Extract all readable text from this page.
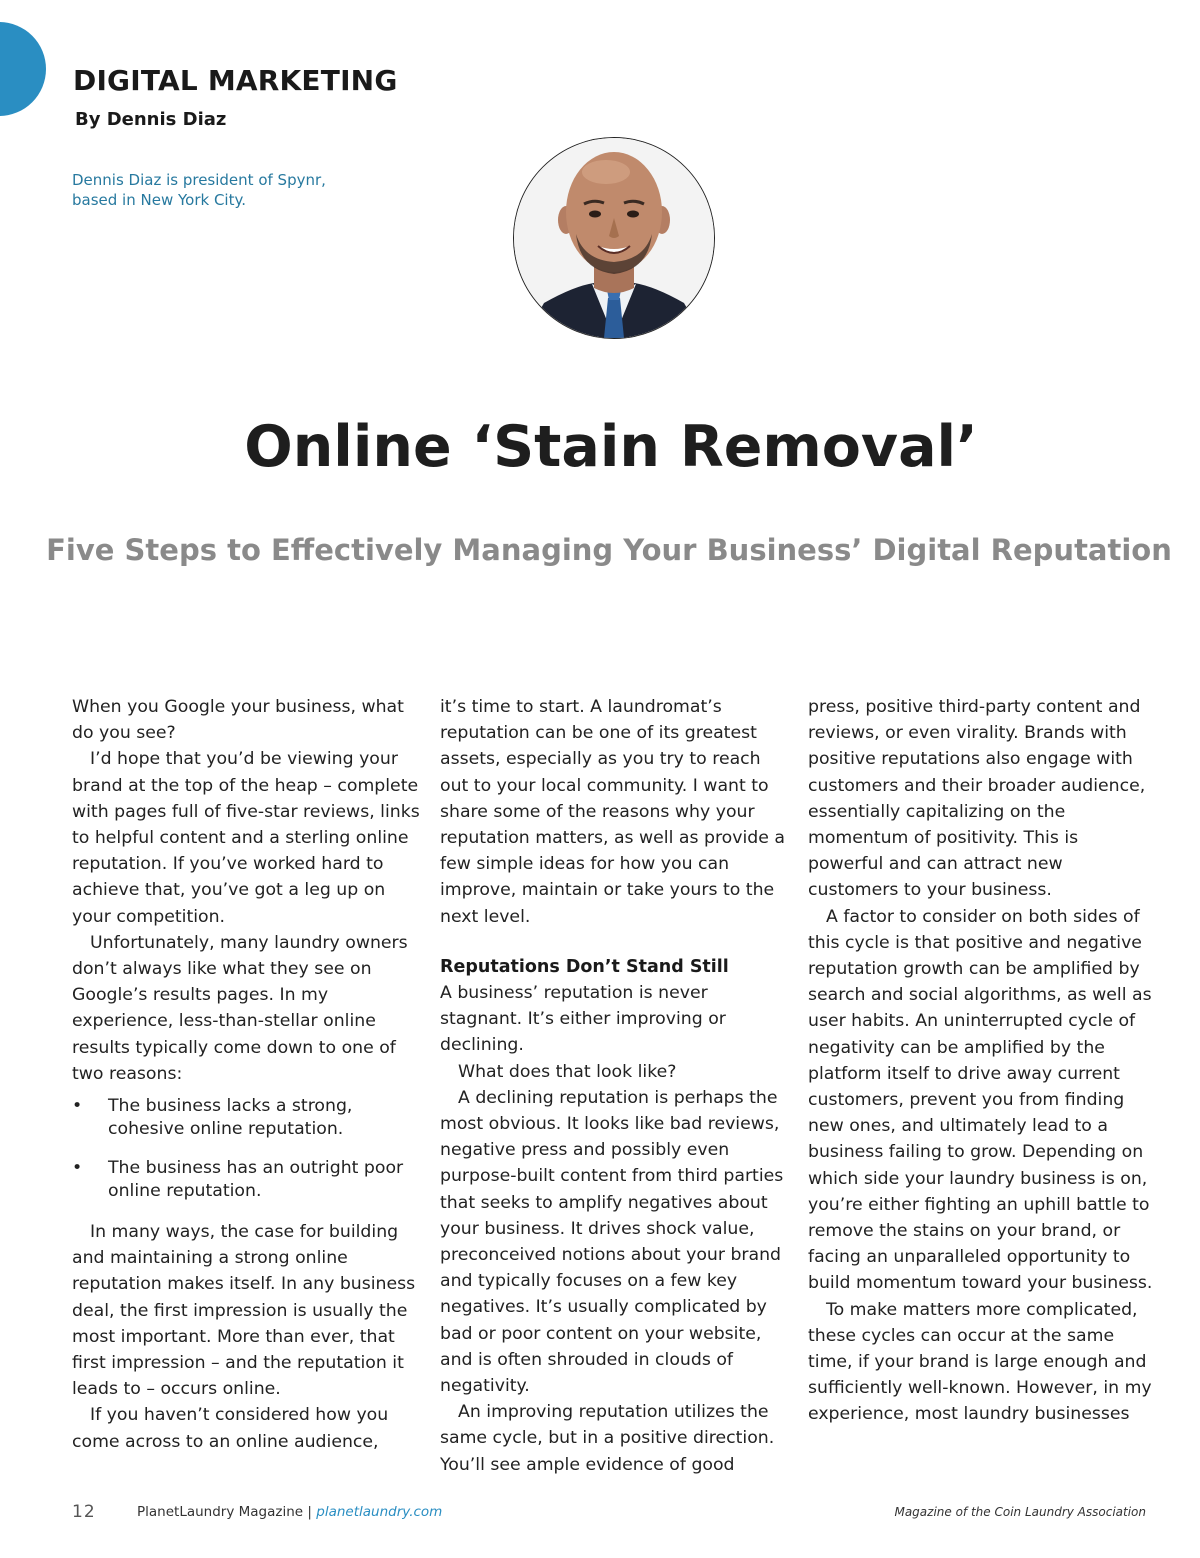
DIGITAL MARKETING
By Dennis Diaz
Dennis Diaz is president of Spynr,
based in New York City.
Online ‘Stain Removal’
Five Steps to Effectively Managing Your Business’ Digital Reputation

When you Google your business, what do you see?

I’d hope that you’d be viewing your brand at the top of the heap – complete with pages full of five-star reviews, links to helpful content and a sterling online reputation. If you’ve worked hard to achieve that, you’ve got a leg up on your competition.

Unfortunately, many laundry owners don’t always like what they see on Google’s results pages. In my experience, less-than-stellar online results typically come down to one of two reasons:

• The business lacks a strong, cohesive online reputation.
• The business has an outright poor online reputation.

In many ways, the case for building and maintaining a strong online reputation makes itself. In any business deal, the first impression is usually the most important. More than ever, that first impression – and the reputation it leads to – occurs online.

If you haven’t considered how you come across to an online audience,

it’s time to start. A laundromat’s reputation can be one of its greatest assets, especially as you try to reach out to your local community. I want to share some of the reasons why your reputation matters, as well as provide a few simple ideas for how you can improve, maintain or take yours to the next level.

Reputations Don’t Stand Still

A business’ reputation is never stagnant. It’s either improving or declining.

What does that look like?

A declining reputation is perhaps the most obvious. It looks like bad reviews, negative press and possibly even purpose-built content from third parties that seeks to amplify negatives about your business. It drives shock value, preconceived notions about your brand and typically focuses on a few key negatives. It’s usually complicated by bad or poor content on your website, and is often shrouded in clouds of negativity.

An improving reputation utilizes the same cycle, but in a positive direction. You’ll see ample evidence of good

press, positive third-party content and reviews, or even virality. Brands with positive reputations also engage with customers and their broader audience, essentially capitalizing on the momentum of positivity. This is powerful and can attract new customers to your business.

A factor to consider on both sides of this cycle is that positive and negative reputation growth can be amplified by search and social algorithms, as well as user habits. An uninterrupted cycle of negativity can be amplified by the platform itself to drive away current customers, prevent you from finding new ones, and ultimately lead to a business failing to grow. Depending on which side your laundry business is on, you’re either fighting an uphill battle to remove the stains on your brand, or facing an unparalleled opportunity to build momentum toward your business.

To make matters more complicated, these cycles can occur at the same time, if your brand is large enough and sufficiently well-known. However, in my experience, most laundry businesses

12	PlanetLaundry Magazine | planetlaundry.com	Magazine of the Coin Laundry Association
